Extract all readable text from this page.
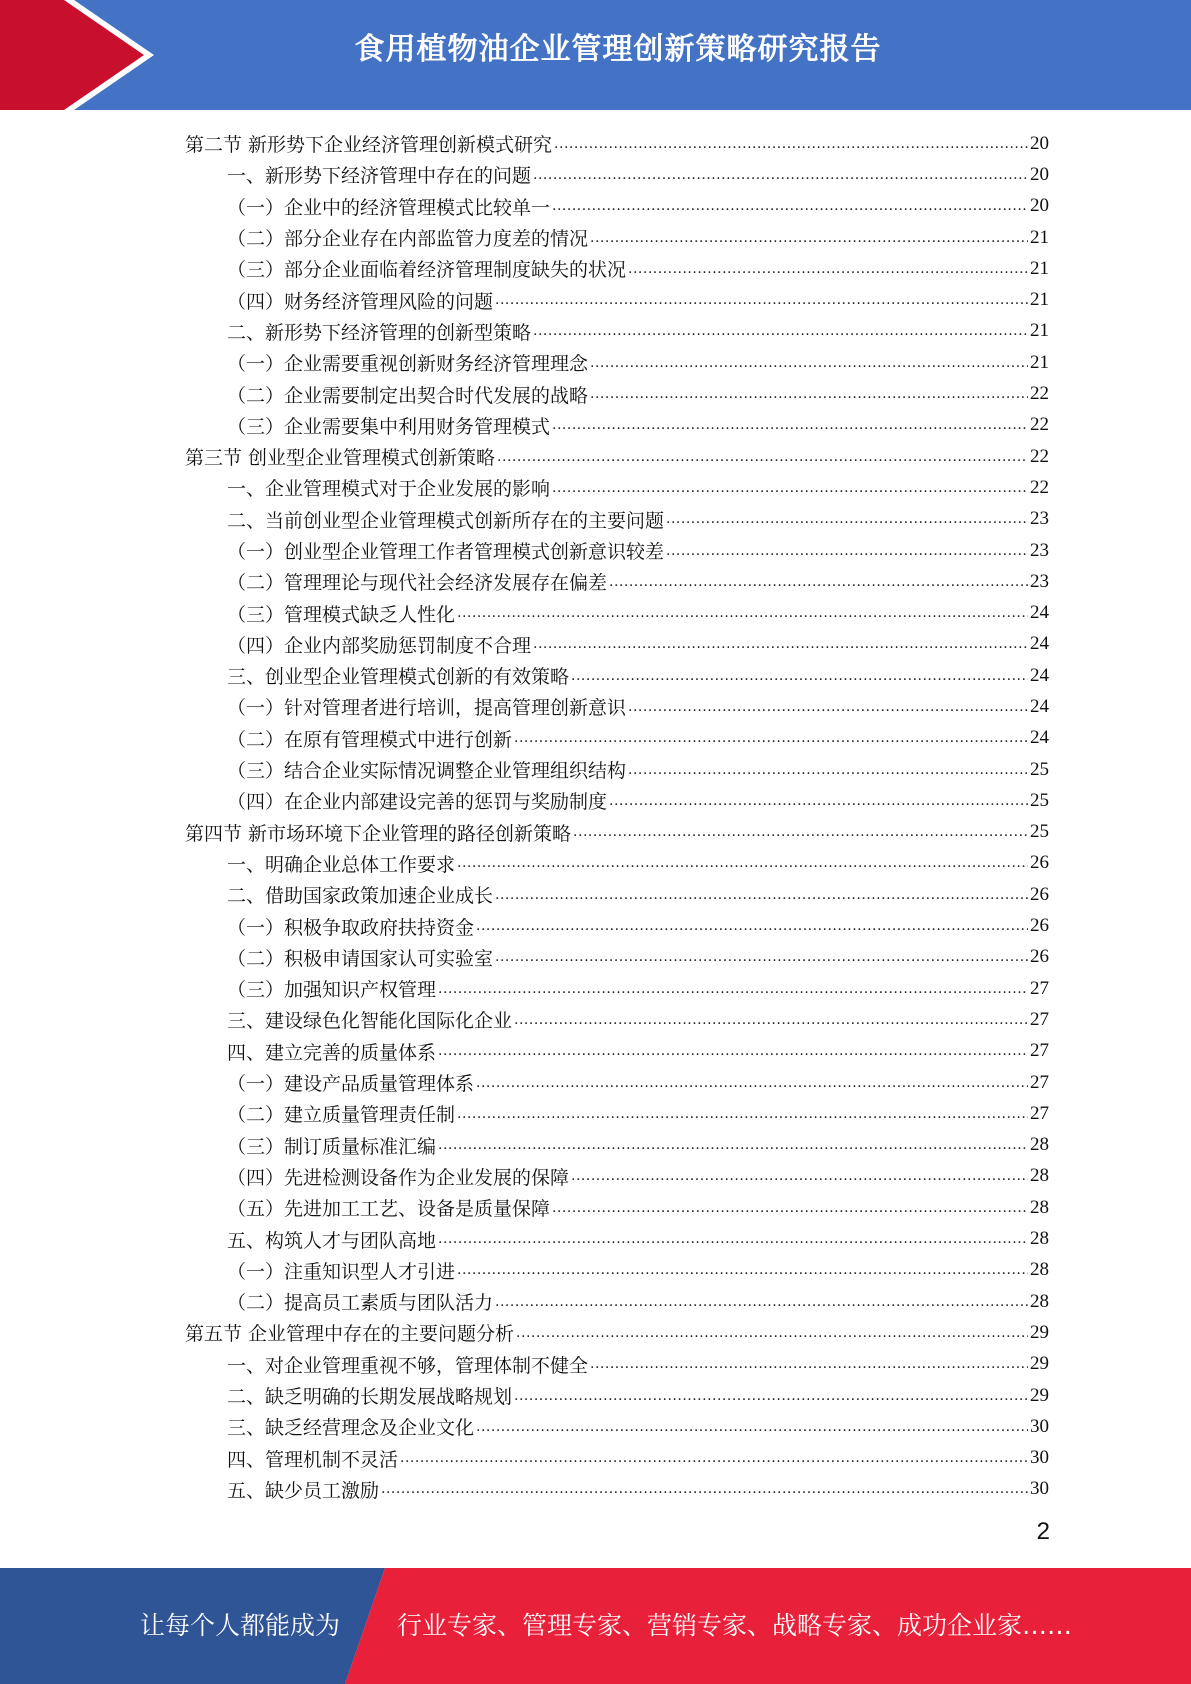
食用植物油企业管理创新策略研究报告
第二节 新形势下企业经济管理创新模式研究 .....	20
一、新形势下经济管理中存在的问题 .....	20
（一）企业中的经济管理模式比较单一 .....	20
（二）部分企业存在内部监管力度差的情况 .....	21
（三）部分企业面临着经济管理制度缺失的状况 .....	21
（四）财务经济管理风险的问题 .....	21
二、新形势下经济管理的创新型策略 .....	21
（一）企业需要重视创新财务经济管理理念 .....	21
（二）企业需要制定出契合时代发展的战略 .....	22
（三）企业需要集中利用财务管理模式 .....	22
第三节 创业型企业管理模式创新策略 .....	22
一、企业管理模式对于企业发展的影响 .....	22
二、当前创业型企业管理模式创新所存在的主要问题 .....	23
（一）创业型企业管理工作者管理模式创新意识较差 .....	23
（二）管理理论与现代社会经济发展存在偏差 .....	23
（三）管理模式缺乏人性化 .....	24
（四）企业内部奖励惩罚制度不合理 .....	24
三、创业型企业管理模式创新的有效策略 .....	24
（一）针对管理者进行培训，提高管理创新意识 .....	24
（二）在原有管理模式中进行创新 .....	24
（三）结合企业实际情况调整企业管理组织结构 .....	25
（四）在企业内部建设完善的惩罚与奖励制度 .....	25
第四节 新市场环境下企业管理的路径创新策略 .....	25
一、明确企业总体工作要求 .....	26
二、借助国家政策加速企业成长 .....	26
（一）积极争取政府扶持资金 .....	26
（二）积极申请国家认可实验室 .....	26
（三）加强知识产权管理 .....	27
三、建设绿色化智能化国际化企业 .....	27
四、建立完善的质量体系 .....	27
（一）建设产品质量管理体系 .....	27
（二）建立质量管理责任制 .....	27
（三）制订质量标准汇编 .....	28
（四）先进检测设备作为企业发展的保障 .....	28
（五）先进加工工艺、设备是质量保障 .....	28
五、构筑人才与团队高地 .....	28
（一）注重知识型人才引进 .....	28
（二）提高员工素质与团队活力 .....	28
第五节 企业管理中存在的主要问题分析 .....	29
一、对企业管理重视不够，管理体制不健全 .....	29
二、缺乏明确的长期发展战略规划 .....	29
三、缺乏经营理念及企业文化 .....	30
四、管理机制不灵活 .....	30
五、缺少员工激励 .....	30
2
让每个人都能成为 行业专家、管理专家、营销专家、战略专家、成功企业家……
